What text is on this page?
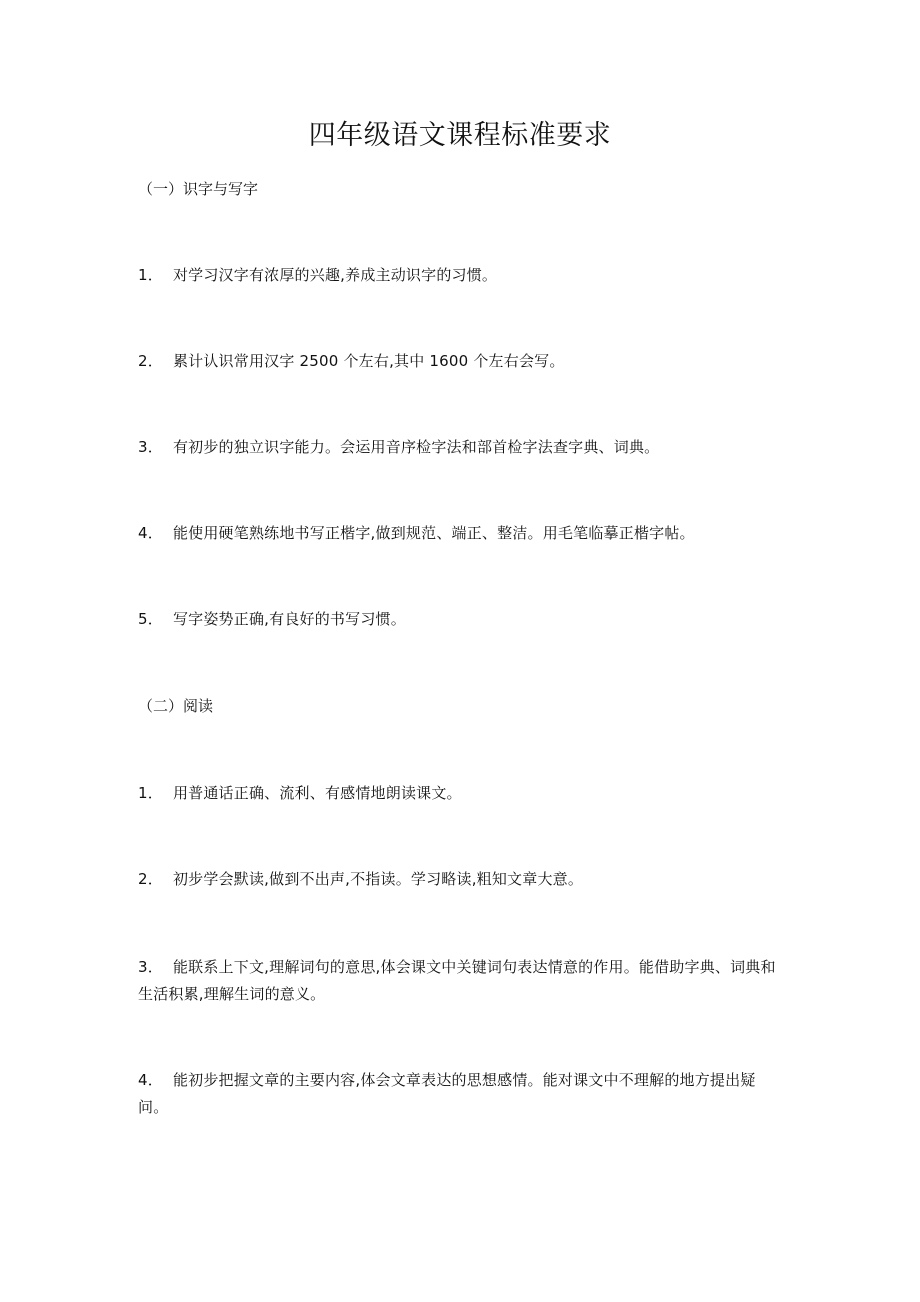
四年级语文课程标准要求

（一）识字与写字

1． 对学习汉字有浓厚的兴趣,养成主动识字的习惯。

2． 累计认识常用汉字 2500 个左右,其中 1600 个左右会写。

3． 有初步的独立识字能力。会运用音序检字法和部首检字法查字典、词典。

4． 能使用硬笔熟练地书写正楷字,做到规范、端正、整洁。用毛笔临摹正楷字帖。

5． 写字姿势正确,有良好的书写习惯。

（二）阅读

1． 用普通话正确、流利、有感情地朗读课文。

2． 初步学会默读,做到不出声,不指读。学习略读,粗知文章大意。

3． 能联系上下文,理解词句的意思,体会课文中关键词句表达情意的作用。能借助字典、词典和生活积累,理解生词的意义。

4． 能初步把握文章的主要内容,体会文章表达的思想感情。能对课文中不理解的地方提出疑问。
